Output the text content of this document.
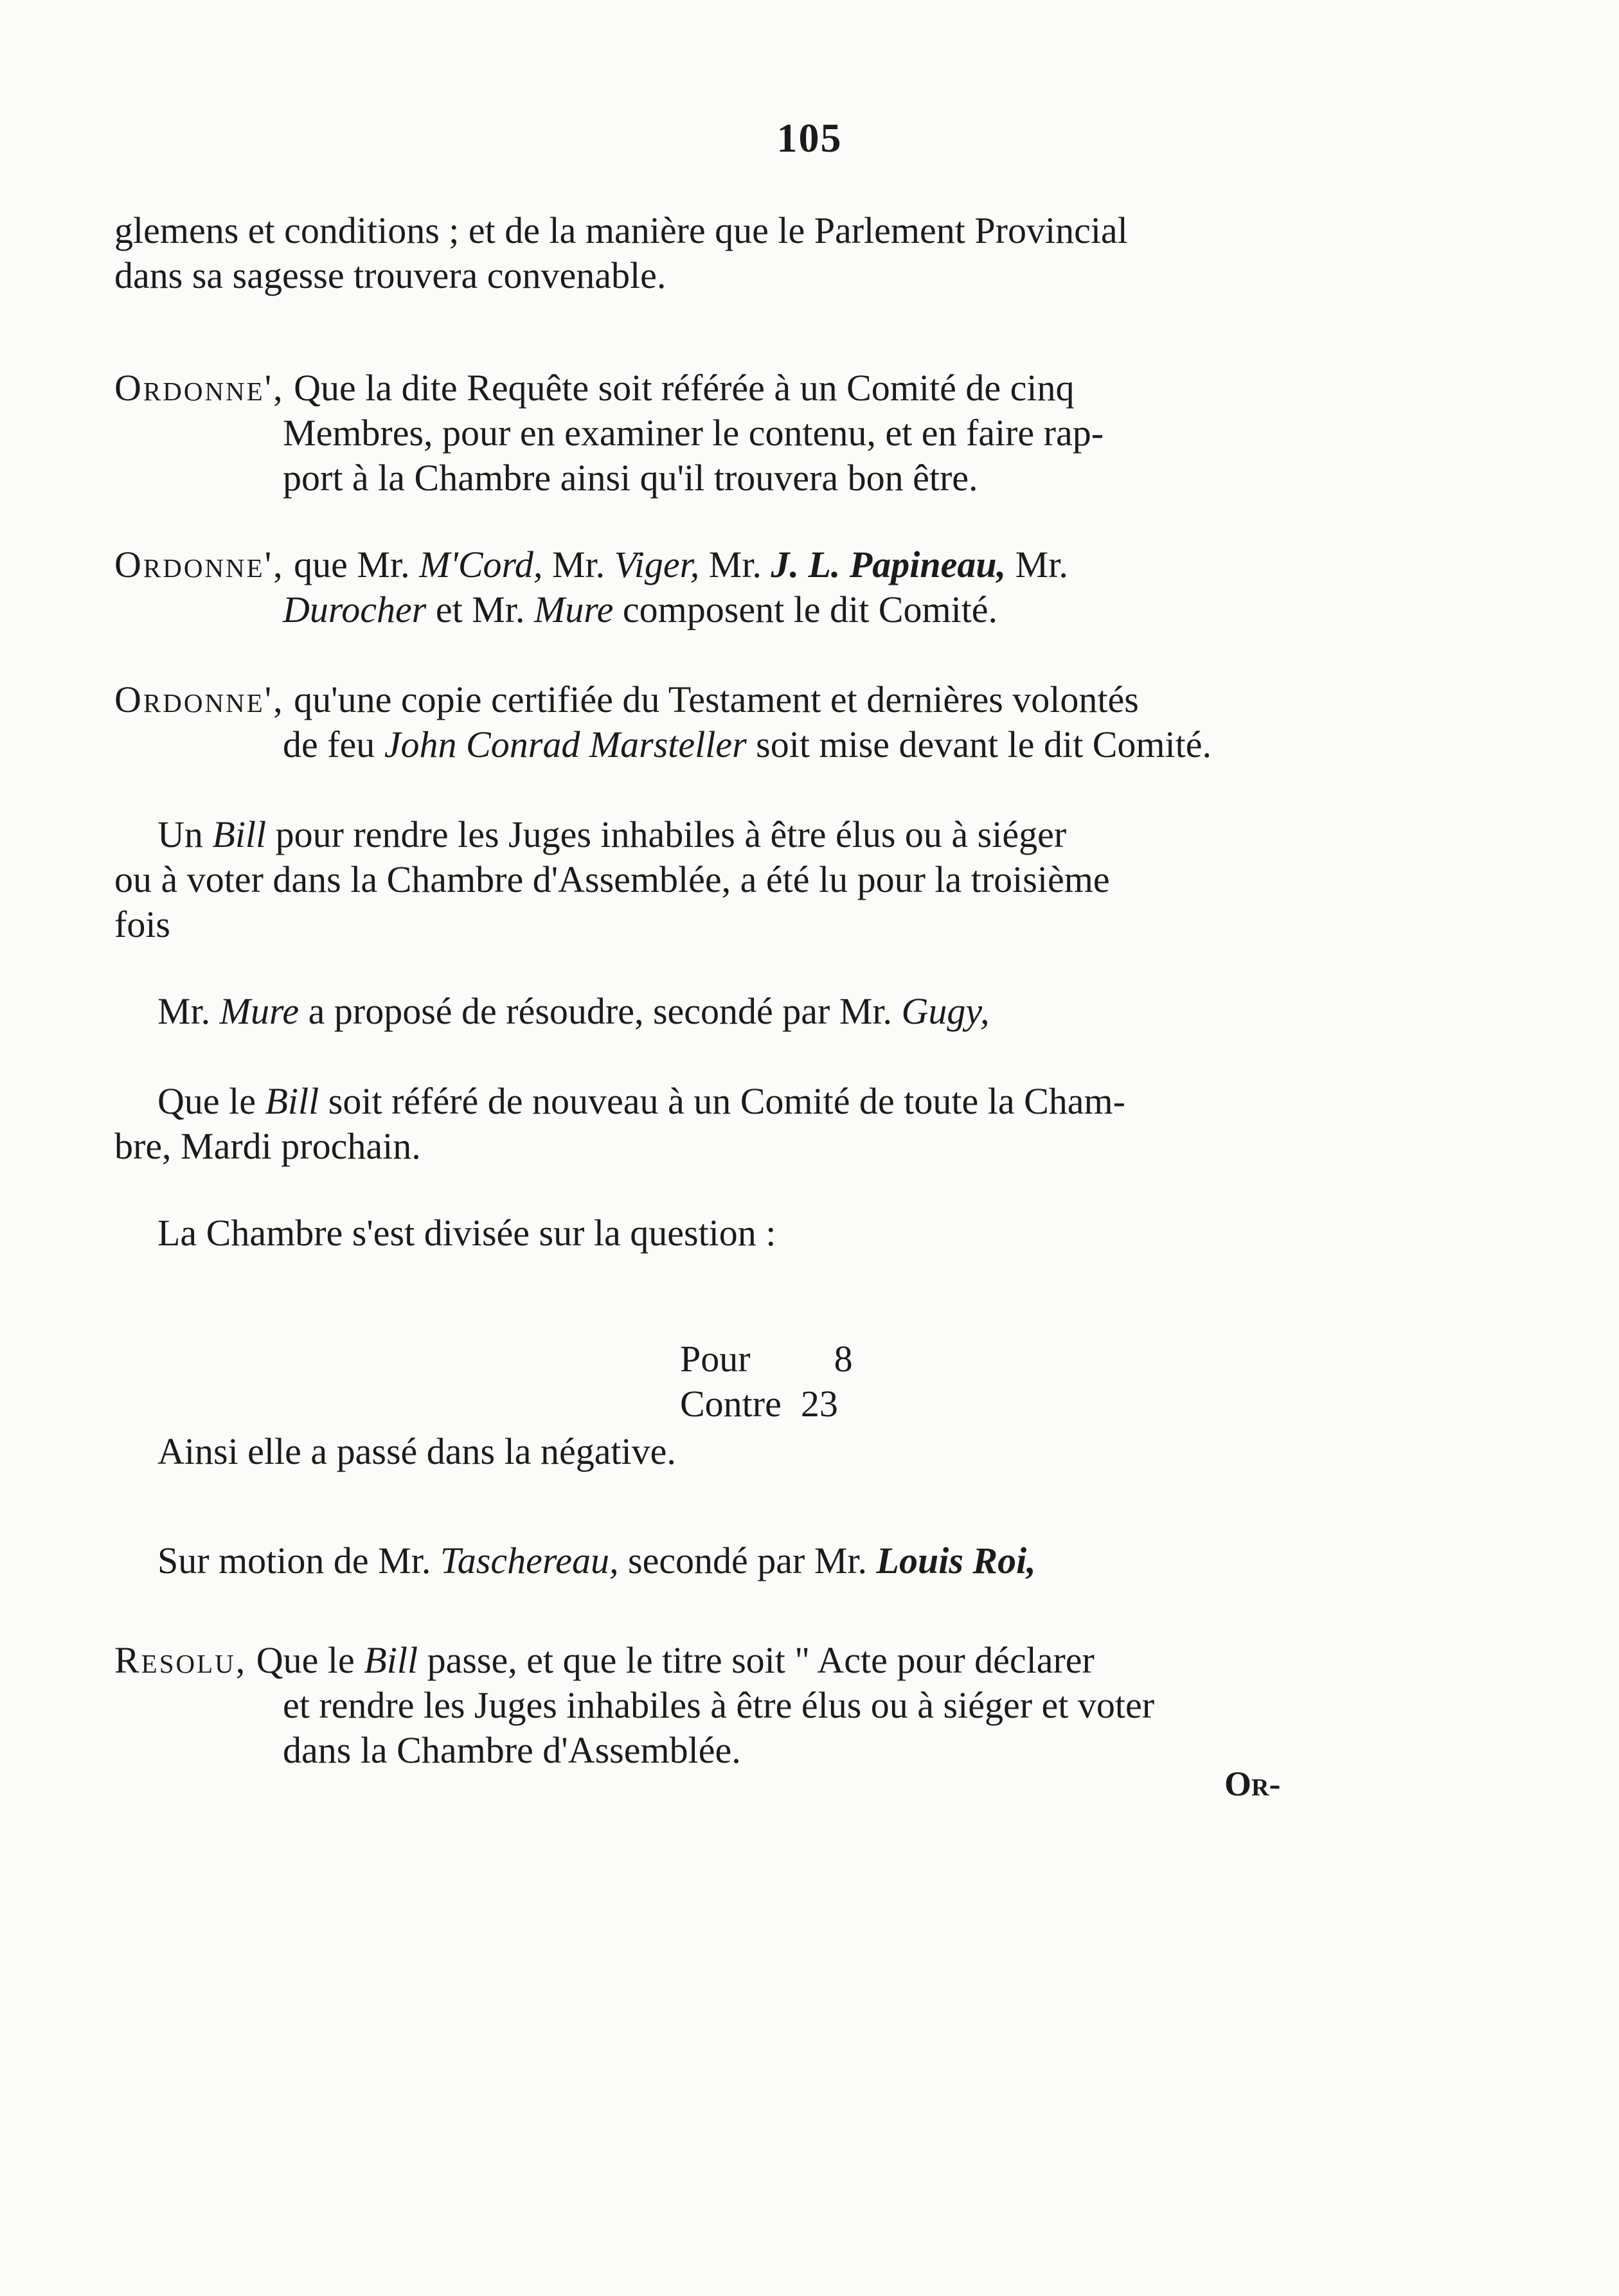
105
glemens et conditions ; et de la manière que le Parlement Provincial
dans sa sagesse trouvera convenable.
Ordonne', Que la dite Requête soit référée à un Comité de cinq
Membres, pour en examiner le contenu, et en faire rap-
port à la Chambre ainsi qu'il trouvera bon être.
Ordonne', que Mr. M'Cord, Mr. Viger, Mr. J. L. Papineau, Mr.
Durocher et Mr. Mure composent le dit Comité.
Ordonne', qu'une copie certifiée du Testament et dernières volontés
de feu John Conrad Marsteller soit mise devant le dit Comité.
Un Bill pour rendre les Juges inhabiles à être élus ou à siéger
ou à voter dans la Chambre d'Assemblée, a été lu pour la troisième
fois
Mr. Mure a proposé de résoudre, secondé par Mr. Gugy,
Que le Bill soit référé de nouveau à un Comité de toute la Cham-
bre, Mardi prochain.
La Chambre s'est divisée sur la question :

Pour 8

Contre 23

Ainsi elle a passé dans la négative.
Sur motion de Mr. Taschereau, secondé par Mr. Louis Roi,
Resolu, Que le Bill passe, et que le titre soit " Acte pour déclarer
et rendre les Juges inhabiles à être élus ou à siéger et voter
dans la Chambre d'Assemblée.
Or-
